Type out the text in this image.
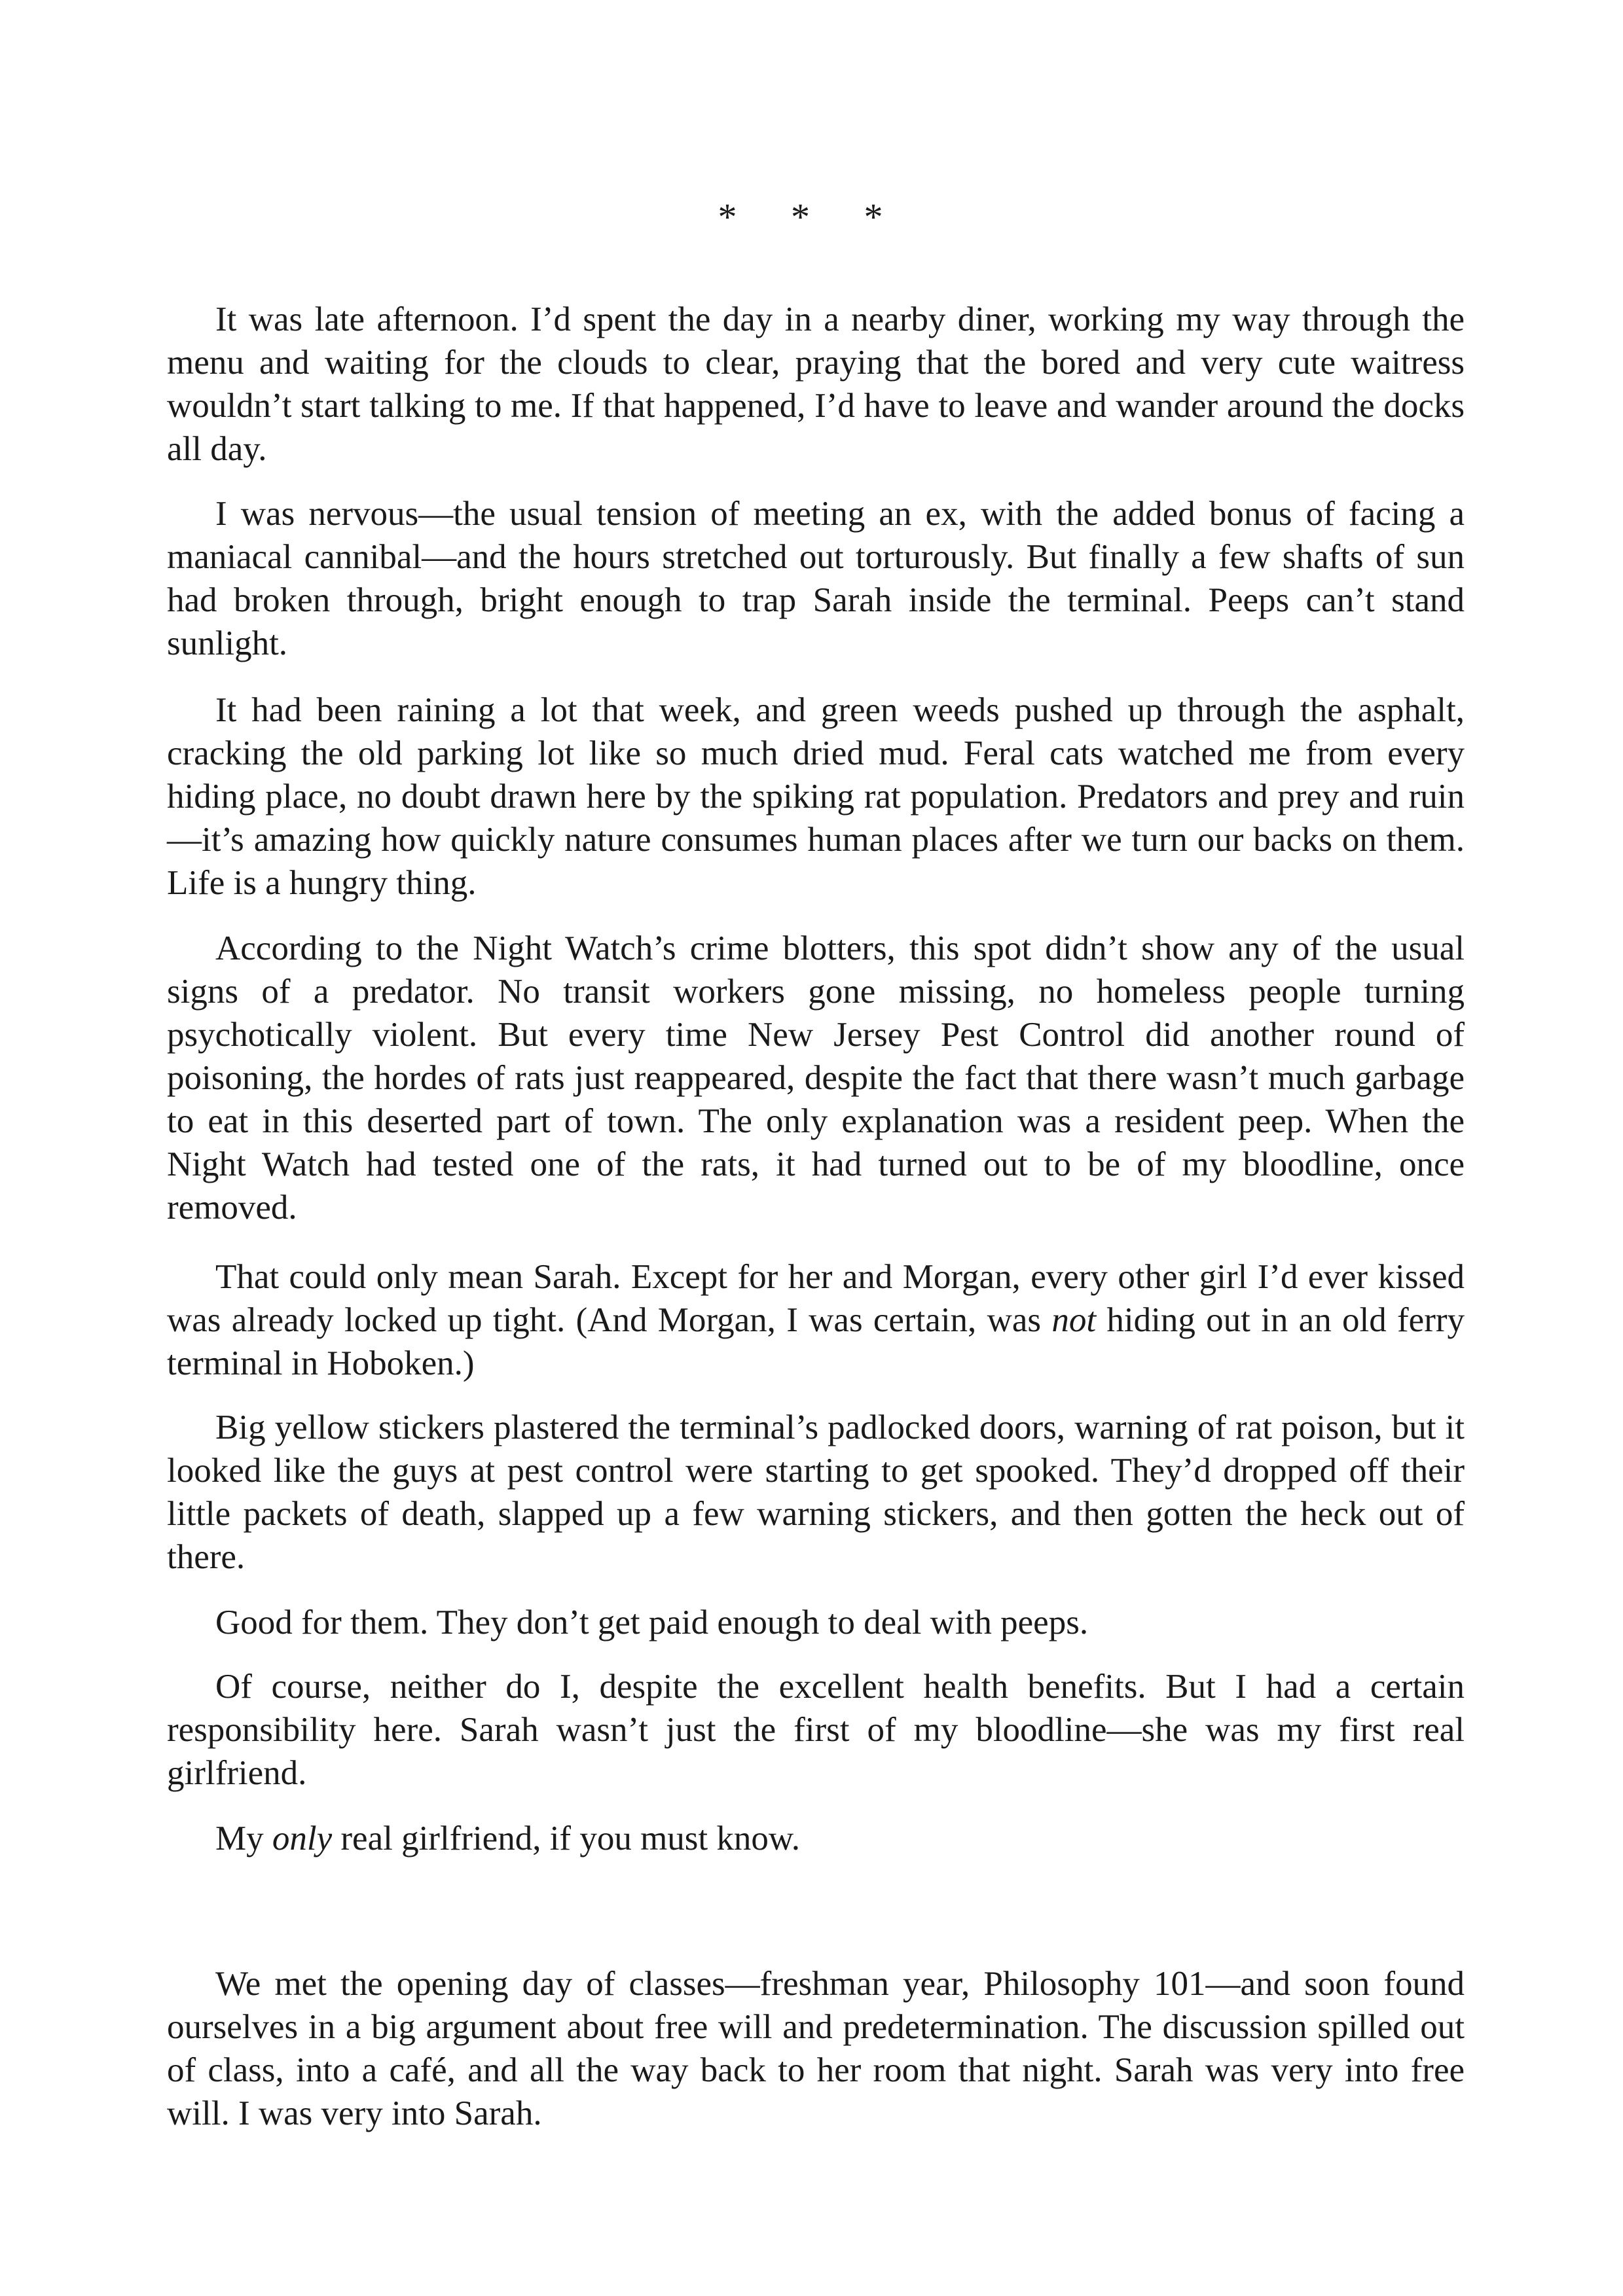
* * *

It was late afternoon. I’d spent the day in a nearby diner, working my way through the menu and waiting for the clouds to clear, praying that the bored and very cute waitress wouldn’t start talking to me. If that happened, I’d have to leave and wander around the docks all day.

I was nervous—the usual tension of meeting an ex, with the added bonus of facing a maniacal cannibal—and the hours stretched out torturously. But finally a few shafts of sun had broken through, bright enough to trap Sarah inside the terminal. Peeps can’t stand sunlight.

It had been raining a lot that week, and green weeds pushed up through the asphalt, cracking the old parking lot like so much dried mud. Feral cats watched me from every hiding place, no doubt drawn here by the spiking rat population. Predators and prey and ruin—it’s amazing how quickly nature consumes human places after we turn our backs on them. Life is a hungry thing.

According to the Night Watch’s crime blotters, this spot didn’t show any of the usual signs of a predator. No transit workers gone missing, no homeless people turning psychotically violent. But every time New Jersey Pest Control did another round of poisoning, the hordes of rats just reappeared, despite the fact that there wasn’t much garbage to eat in this deserted part of town. The only explanation was a resident peep. When the Night Watch had tested one of the rats, it had turned out to be of my bloodline, once removed.

That could only mean Sarah. Except for her and Morgan, every other girl I’d ever kissed was already locked up tight. (And Morgan, I was certain, was not hiding out in an old ferry terminal in Hoboken.)

Big yellow stickers plastered the terminal’s padlocked doors, warning of rat poison, but it looked like the guys at pest control were starting to get spooked. They’d dropped off their little packets of death, slapped up a few warning stickers, and then gotten the heck out of there.

Good for them. They don’t get paid enough to deal with peeps.

Of course, neither do I, despite the excellent health benefits. But I had a certain responsibility here. Sarah wasn’t just the first of my bloodline—she was my first real girlfriend.

My only real girlfriend, if you must know.

We met the opening day of classes—freshman year, Philosophy 101—and soon found ourselves in a big argument about free will and predetermination. The discussion spilled out of class, into a café, and all the way back to her room that night. Sarah was very into free will. I was very into Sarah.
